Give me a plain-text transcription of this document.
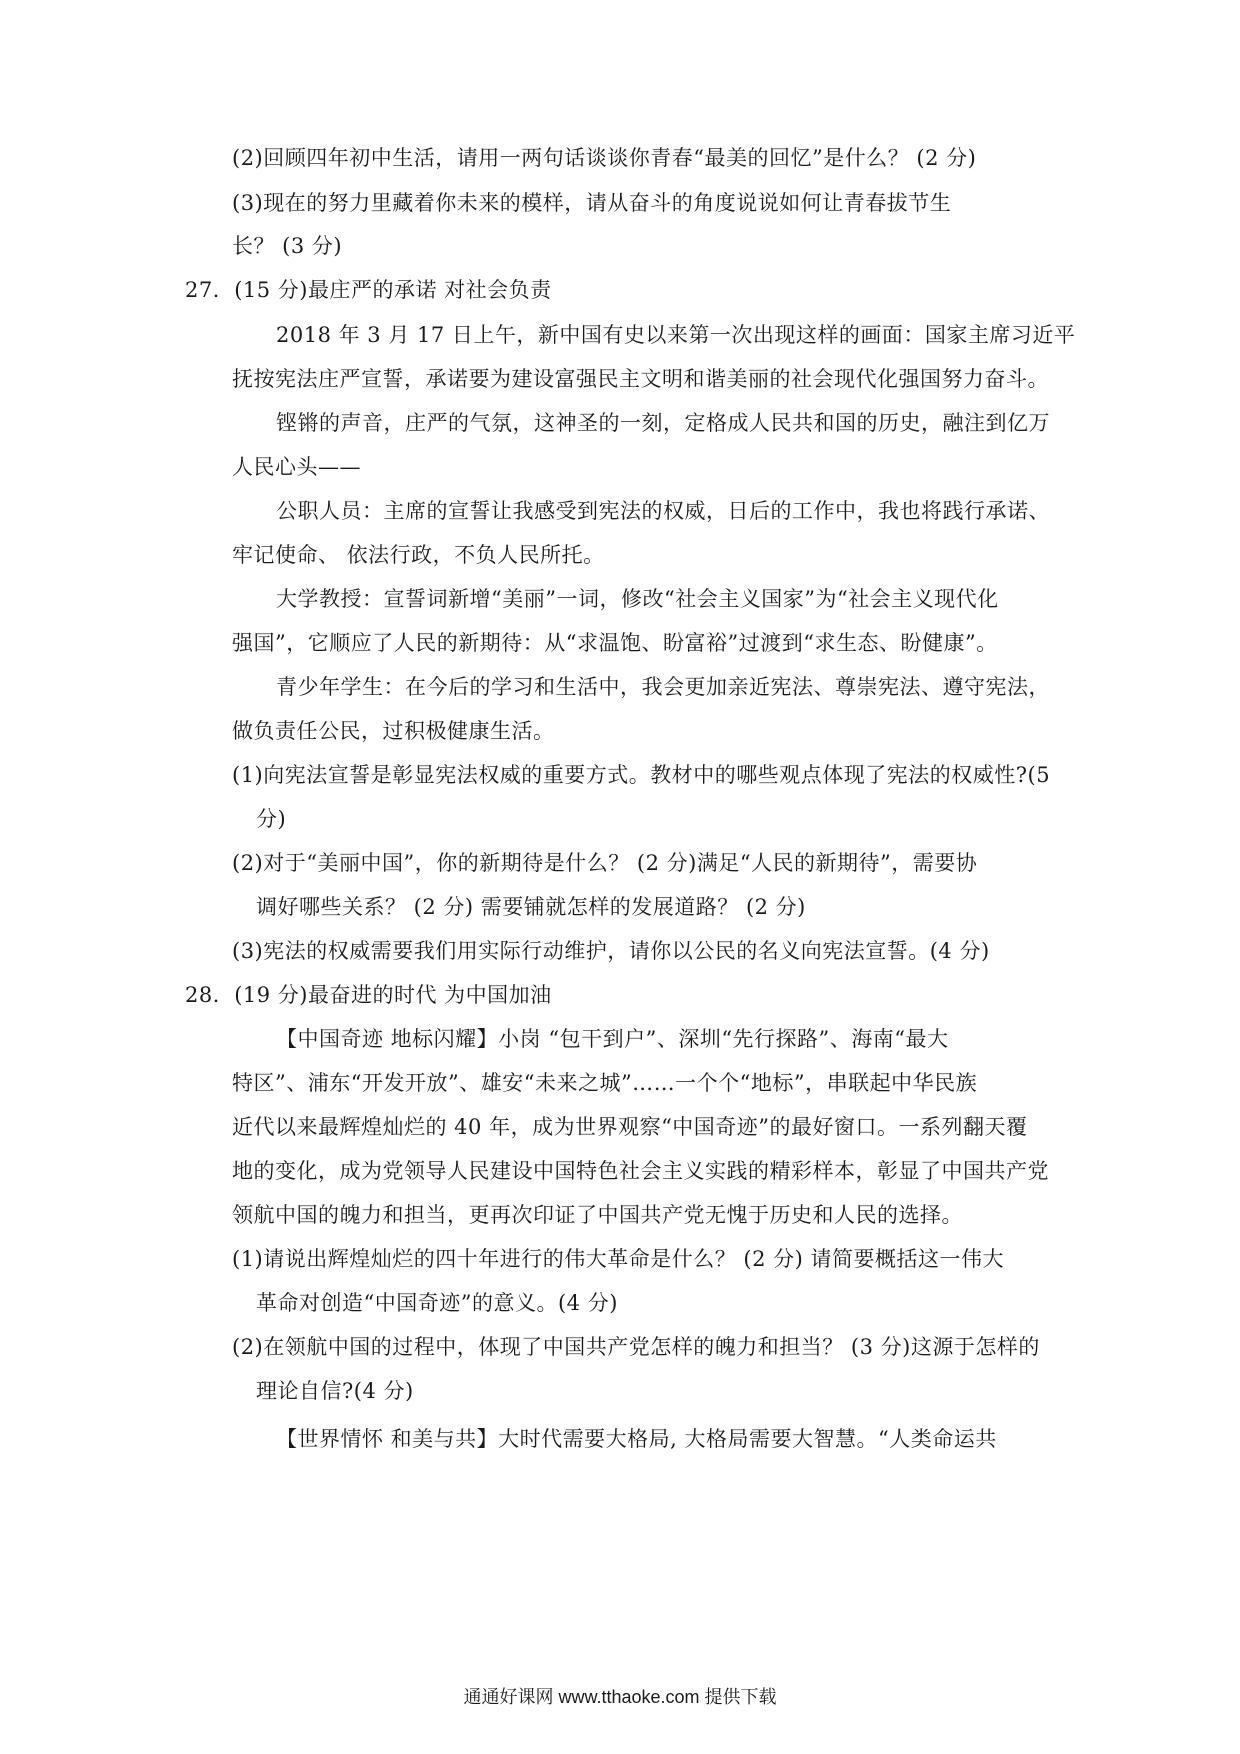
(2)回顾四年初中生活，请用一两句话谈谈你青春“最美的回忆”是什么？ (2 分)
(3)现在的努力里藏着你未来的模样，请从奋斗的角度说说如何让青春拔节生
长？ (3 分)
27．(15 分)最庄严的承诺 对社会负责
2018 年 3 月 17 日上午，新中国有史以来第一次出现这样的画面：国家主席习近平
抚按宪法庄严宣誓，承诺要为建设富强民主文明和谐美丽的社会现代化强国努力奋斗。
铿锵的声音，庄严的气氛，这神圣的一刻，定格成人民共和国的历史，融注到亿万
人民心头——
公职人员：主席的宣誓让我感受到宪法的权威，日后的工作中，我也将践行承诺、
牢记使命、 依法行政，不负人民所托。
大学教授：宣誓词新增“美丽”一词，修改“社会主义国家”为“社会主义现代化
强国”，它顺应了人民的新期待：从“求温饱、盼富裕”过渡到“求生态、盼健康”。
青少年学生：在今后的学习和生活中，我会更加亲近宪法、尊崇宪法、遵守宪法，
做负责任公民，过积极健康生活。
(1)向宪法宣誓是彰显宪法权威的重要方式。教材中的哪些观点体现了宪法的权威性?(5
分)
(2)对于“美丽中国”，你的新期待是什么？ (2 分)满足“人民的新期待”，需要协
调好哪些关系？ (2 分) 需要铺就怎样的发展道路？ (2 分)
(3)宪法的权威需要我们用实际行动维护，请你以公民的名义向宪法宣誓。(4 分)
28．(19 分)最奋进的时代 为中国加油
【中国奇迹 地标闪耀】小岗 “包干到户”、深圳“先行探路”、海南“最大
特区”、浦东“开发开放”、雄安“未来之城”……一个个“地标”，串联起中华民族
近代以来最辉煌灿烂的 40 年，成为世界观察“中国奇迹”的最好窗口。一系列翻天覆
地的变化，成为党领导人民建设中国特色社会主义实践的精彩样本，彰显了中国共产党
领航中国的魄力和担当，更再次印证了中国共产党无愧于历史和人民的选择。
(1)请说出辉煌灿烂的四十年进行的伟大革命是什么？ (2 分) 请简要概括这一伟大
革命对创造“中国奇迹”的意义。(4 分)
(2)在领航中国的过程中，体现了中国共产党怎样的魄力和担当？ (3 分)这源于怎样的
理论自信?(4 分)
【世界情怀 和美与共】大时代需要大格局, 大格局需要大智慧。“人类命运共
通通好课网 www.tthaoke.com 提供下载
